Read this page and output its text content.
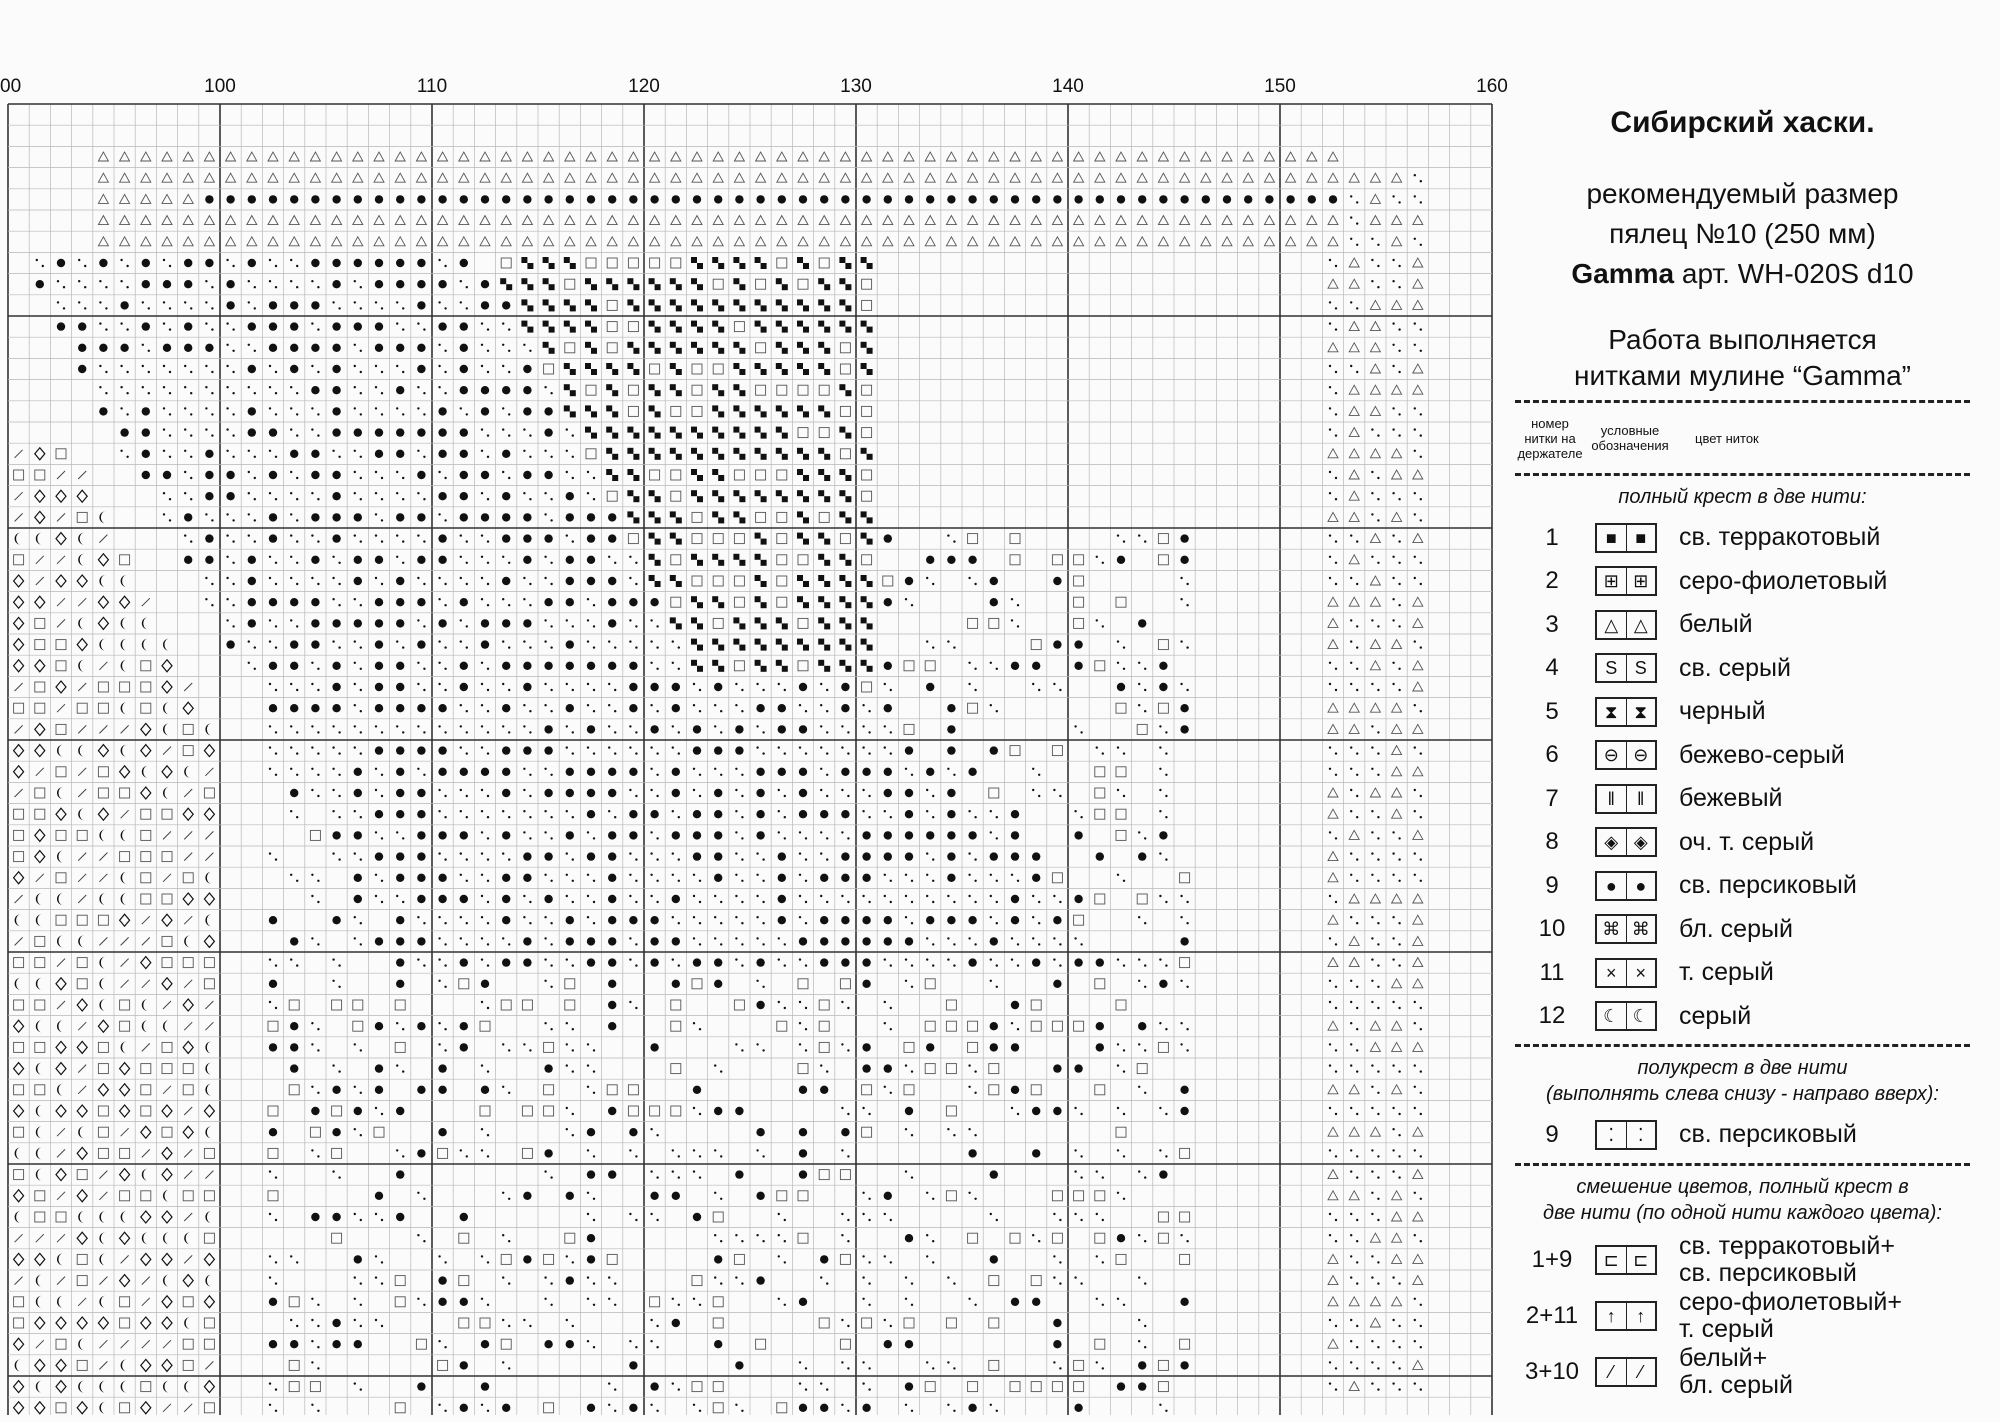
00	100	110	120	130	140	150	160
Сибирский хаски.
рекомендуемый размер
пялец №10 (250 мм)
Gamma арт. WH-020S d10
Работа выполняется
нитками мулине “Gamma”
номер нитки на держателе
условные обозначения	цвет ниток
полный крест в две нити:
1	■	■	св. терракотовый
2	⊞ ⊞ серо-фиолетовый
3	△ △ белый
4	S S	св. серый
5	⧗ ⧗	черный
6	⊖ ⊖ бежево-серый
7	‖	‖	бежевый
8	◈ ◈ оч. т. серый
9	●	●	св. персиковый
10	⌘ ⌘ бл. серый
11	×	×	т. серый
12	☾ ☾ серый
полукрест в две нити
(выполнять слева снизу - направо вверх):
9	⁚	⁚	св. персиковый
смешение цветов, полный крест в
две нити (по одной нити каждого цвета):
1+9	⊏ ⊏ св. терракотовый+
св. персиковый
2+11	↑	↑	серо-фиолетовый+
т. серый
3+10	⁄	⁄	белый+
бл. серый
